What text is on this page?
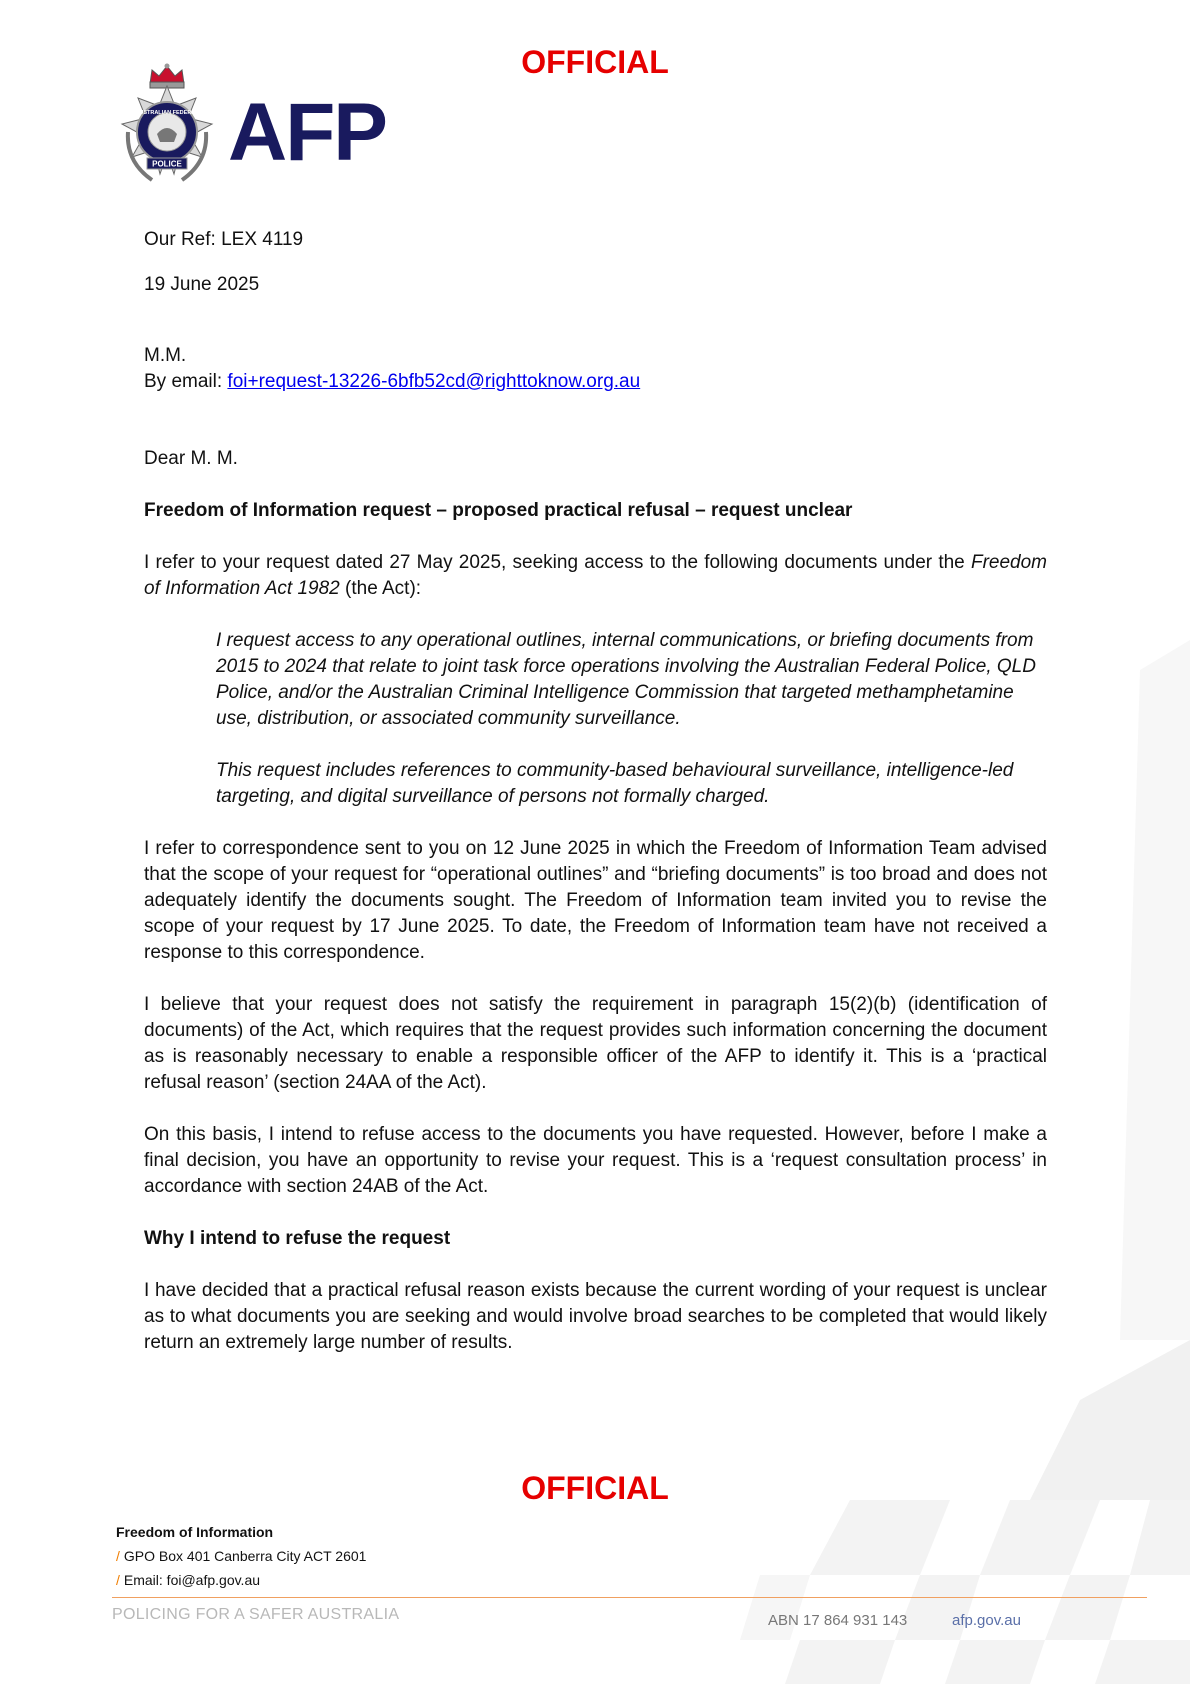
OFFICIAL
POLICE
AUSTRALIAN FEDERAL AFP
Our Ref: LEX 4119
19 June 2025
M.M.
By email: foi+request-13226-6bfb52cd@righttoknow.org.au
Dear M. M.

Freedom of Information request – proposed practical refusal – request unclear

I refer to your request dated 27 May 2025, seeking access to the following documents under the Freedom of Information Act 1982 (the Act):

I request access to any operational outlines, internal communications, or briefing documents from 2015 to 2024 that relate to joint task force operations involving the Australian Federal Police, QLD Police, and/or the Australian Criminal Intelligence Commission that targeted methamphetamine use, distribution, or associated community surveillance.

This request includes references to community-based behavioural surveillance, intelligence-led targeting, and digital surveillance of persons not formally charged.

I refer to correspondence sent to you on 12 June 2025 in which the Freedom of Information Team advised that the scope of your request for “operational outlines” and “briefing documents” is too broad and does not adequately identify the documents sought. The Freedom of Information team invited you to revise the scope of your request by 17 June 2025. To date, the Freedom of Information team have not received a response to this correspondence.

I believe that your request does not satisfy the requirement in paragraph 15(2)(b) (identification of documents) of the Act, which requires that the request provides such information concerning the document as is reasonably necessary to enable a responsible officer of the AFP to identify it. This is a ‘practical refusal reason’ (section 24AA of the Act).

On this basis, I intend to refuse access to the documents you have requested. However, before I make a final decision, you have an opportunity to revise your request. This is a ‘request consultation process’ in accordance with section 24AB of the Act.

Why I intend to refuse the request

I have decided that a practical refusal reason exists because the current wording of your request is unclear as to what documents you are seeking and would involve broad searches to be completed that would likely return an extremely large number of results.

OFFICIAL
Freedom of Information
/ GPO Box 401 Canberra City ACT 2601
/ Email: foi@afp.gov.au
POLICING FOR A SAFER AUSTRALIA	ABN 17 864 931 143	afp.gov.au
